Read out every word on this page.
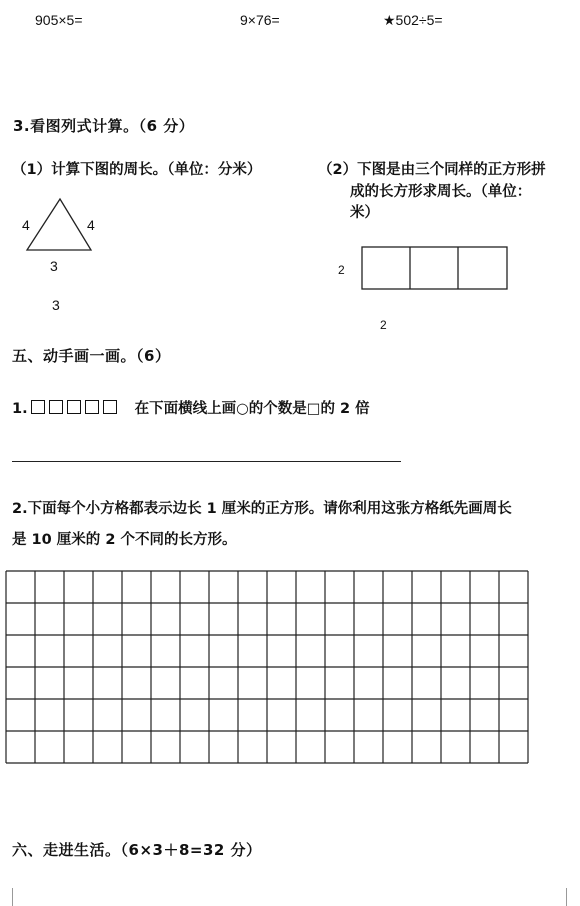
905×5=	9×76=	★502÷5=
3.看图列式计算。（6 分）
（1）计算下图的周长。（单位：分米）	（2）下图是由三个同样的正方形拼
成的长方形求周长。（单位：
米）
4	4
3
3
2
2
五、动手画一画。（6）
1.	在下面横线上画○的个数是□的 2 倍
2.下面每个小方格都表示边长 1 厘米的正方形。请你利用这张方格纸先画周长
是 10 厘米的 2 个不同的长方形。
六、走进生活。（6×3＋8=32 分）
